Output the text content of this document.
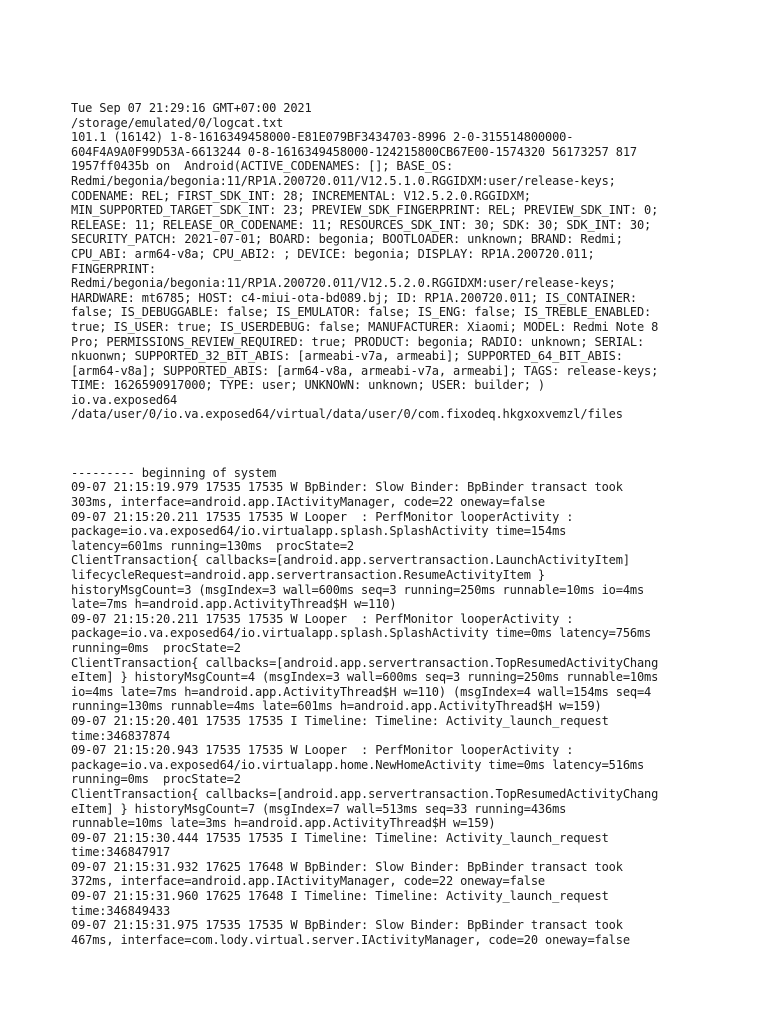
Tue Sep 07 21:29:16 GMT+07:00 2021
/storage/emulated/0/logcat.txt
101.1 (16142) 1-8-1616349458000-E81E079BF3434703-8996 2-0-315514800000-
604F4A9A0F99D53A-6613244 0-8-1616349458000-124215800CB67E00-1574320 56173257 817
1957ff0435b on  Android(ACTIVE_CODENAMES: []; BASE_OS:
Redmi/begonia/begonia:11/RP1A.200720.011/V12.5.1.0.RGGIDXM:user/release-keys;
CODENAME: REL; FIRST_SDK_INT: 28; INCREMENTAL: V12.5.2.0.RGGIDXM;
MIN_SUPPORTED_TARGET_SDK_INT: 23; PREVIEW_SDK_FINGERPRINT: REL; PREVIEW_SDK_INT: 0;
RELEASE: 11; RELEASE_OR_CODENAME: 11; RESOURCES_SDK_INT: 30; SDK: 30; SDK_INT: 30;
SECURITY_PATCH: 2021-07-01; BOARD: begonia; BOOTLOADER: unknown; BRAND: Redmi;
CPU_ABI: arm64-v8a; CPU_ABI2: ; DEVICE: begonia; DISPLAY: RP1A.200720.011;
FINGERPRINT:
Redmi/begonia/begonia:11/RP1A.200720.011/V12.5.2.0.RGGIDXM:user/release-keys;
HARDWARE: mt6785; HOST: c4-miui-ota-bd089.bj; ID: RP1A.200720.011; IS_CONTAINER:
false; IS_DEBUGGABLE: false; IS_EMULATOR: false; IS_ENG: false; IS_TREBLE_ENABLED:
true; IS_USER: true; IS_USERDEBUG: false; MANUFACTURER: Xiaomi; MODEL: Redmi Note 8
Pro; PERMISSIONS_REVIEW_REQUIRED: true; PRODUCT: begonia; RADIO: unknown; SERIAL:
nkuonwn; SUPPORTED_32_BIT_ABIS: [armeabi-v7a, armeabi]; SUPPORTED_64_BIT_ABIS:
[arm64-v8a]; SUPPORTED_ABIS: [arm64-v8a, armeabi-v7a, armeabi]; TAGS: release-keys;
TIME: 1626590917000; TYPE: user; UNKNOWN: unknown; USER: builder; )
io.va.exposed64
/data/user/0/io.va.exposed64/virtual/data/user/0/com.fixodeq.hkgxoxvemzl/files
--------- beginning of system
09-07 21:15:19.979 17535 17535 W BpBinder: Slow Binder: BpBinder transact took
303ms, interface=android.app.IActivityManager, code=22 oneway=false
09-07 21:15:20.211 17535 17535 W Looper  : PerfMonitor looperActivity :
package=io.va.exposed64/io.virtualapp.splash.SplashActivity time=154ms
latency=601ms running=130ms  procState=2
ClientTransaction{ callbacks=[android.app.servertransaction.LaunchActivityItem]
lifecycleRequest=android.app.servertransaction.ResumeActivityItem }
historyMsgCount=3 (msgIndex=3 wall=600ms seq=3 running=250ms runnable=10ms io=4ms
late=7ms h=android.app.ActivityThread$H w=110)
09-07 21:15:20.211 17535 17535 W Looper  : PerfMonitor looperActivity :
package=io.va.exposed64/io.virtualapp.splash.SplashActivity time=0ms latency=756ms
running=0ms  procState=2
ClientTransaction{ callbacks=[android.app.servertransaction.TopResumedActivityChang
eItem] } historyMsgCount=4 (msgIndex=3 wall=600ms seq=3 running=250ms runnable=10ms
io=4ms late=7ms h=android.app.ActivityThread$H w=110) (msgIndex=4 wall=154ms seq=4
running=130ms runnable=4ms late=601ms h=android.app.ActivityThread$H w=159)
09-07 21:15:20.401 17535 17535 I Timeline: Timeline: Activity_launch_request
time:346837874
09-07 21:15:20.943 17535 17535 W Looper  : PerfMonitor looperActivity :
package=io.va.exposed64/io.virtualapp.home.NewHomeActivity time=0ms latency=516ms
running=0ms  procState=2
ClientTransaction{ callbacks=[android.app.servertransaction.TopResumedActivityChang
eItem] } historyMsgCount=7 (msgIndex=7 wall=513ms seq=33 running=436ms
runnable=10ms late=3ms h=android.app.ActivityThread$H w=159)
09-07 21:15:30.444 17535 17535 I Timeline: Timeline: Activity_launch_request
time:346847917
09-07 21:15:31.932 17625 17648 W BpBinder: Slow Binder: BpBinder transact took
372ms, interface=android.app.IActivityManager, code=22 oneway=false
09-07 21:15:31.960 17625 17648 I Timeline: Timeline: Activity_launch_request
time:346849433
09-07 21:15:31.975 17535 17535 W BpBinder: Slow Binder: BpBinder transact took
467ms, interface=com.lody.virtual.server.IActivityManager, code=20 oneway=false
